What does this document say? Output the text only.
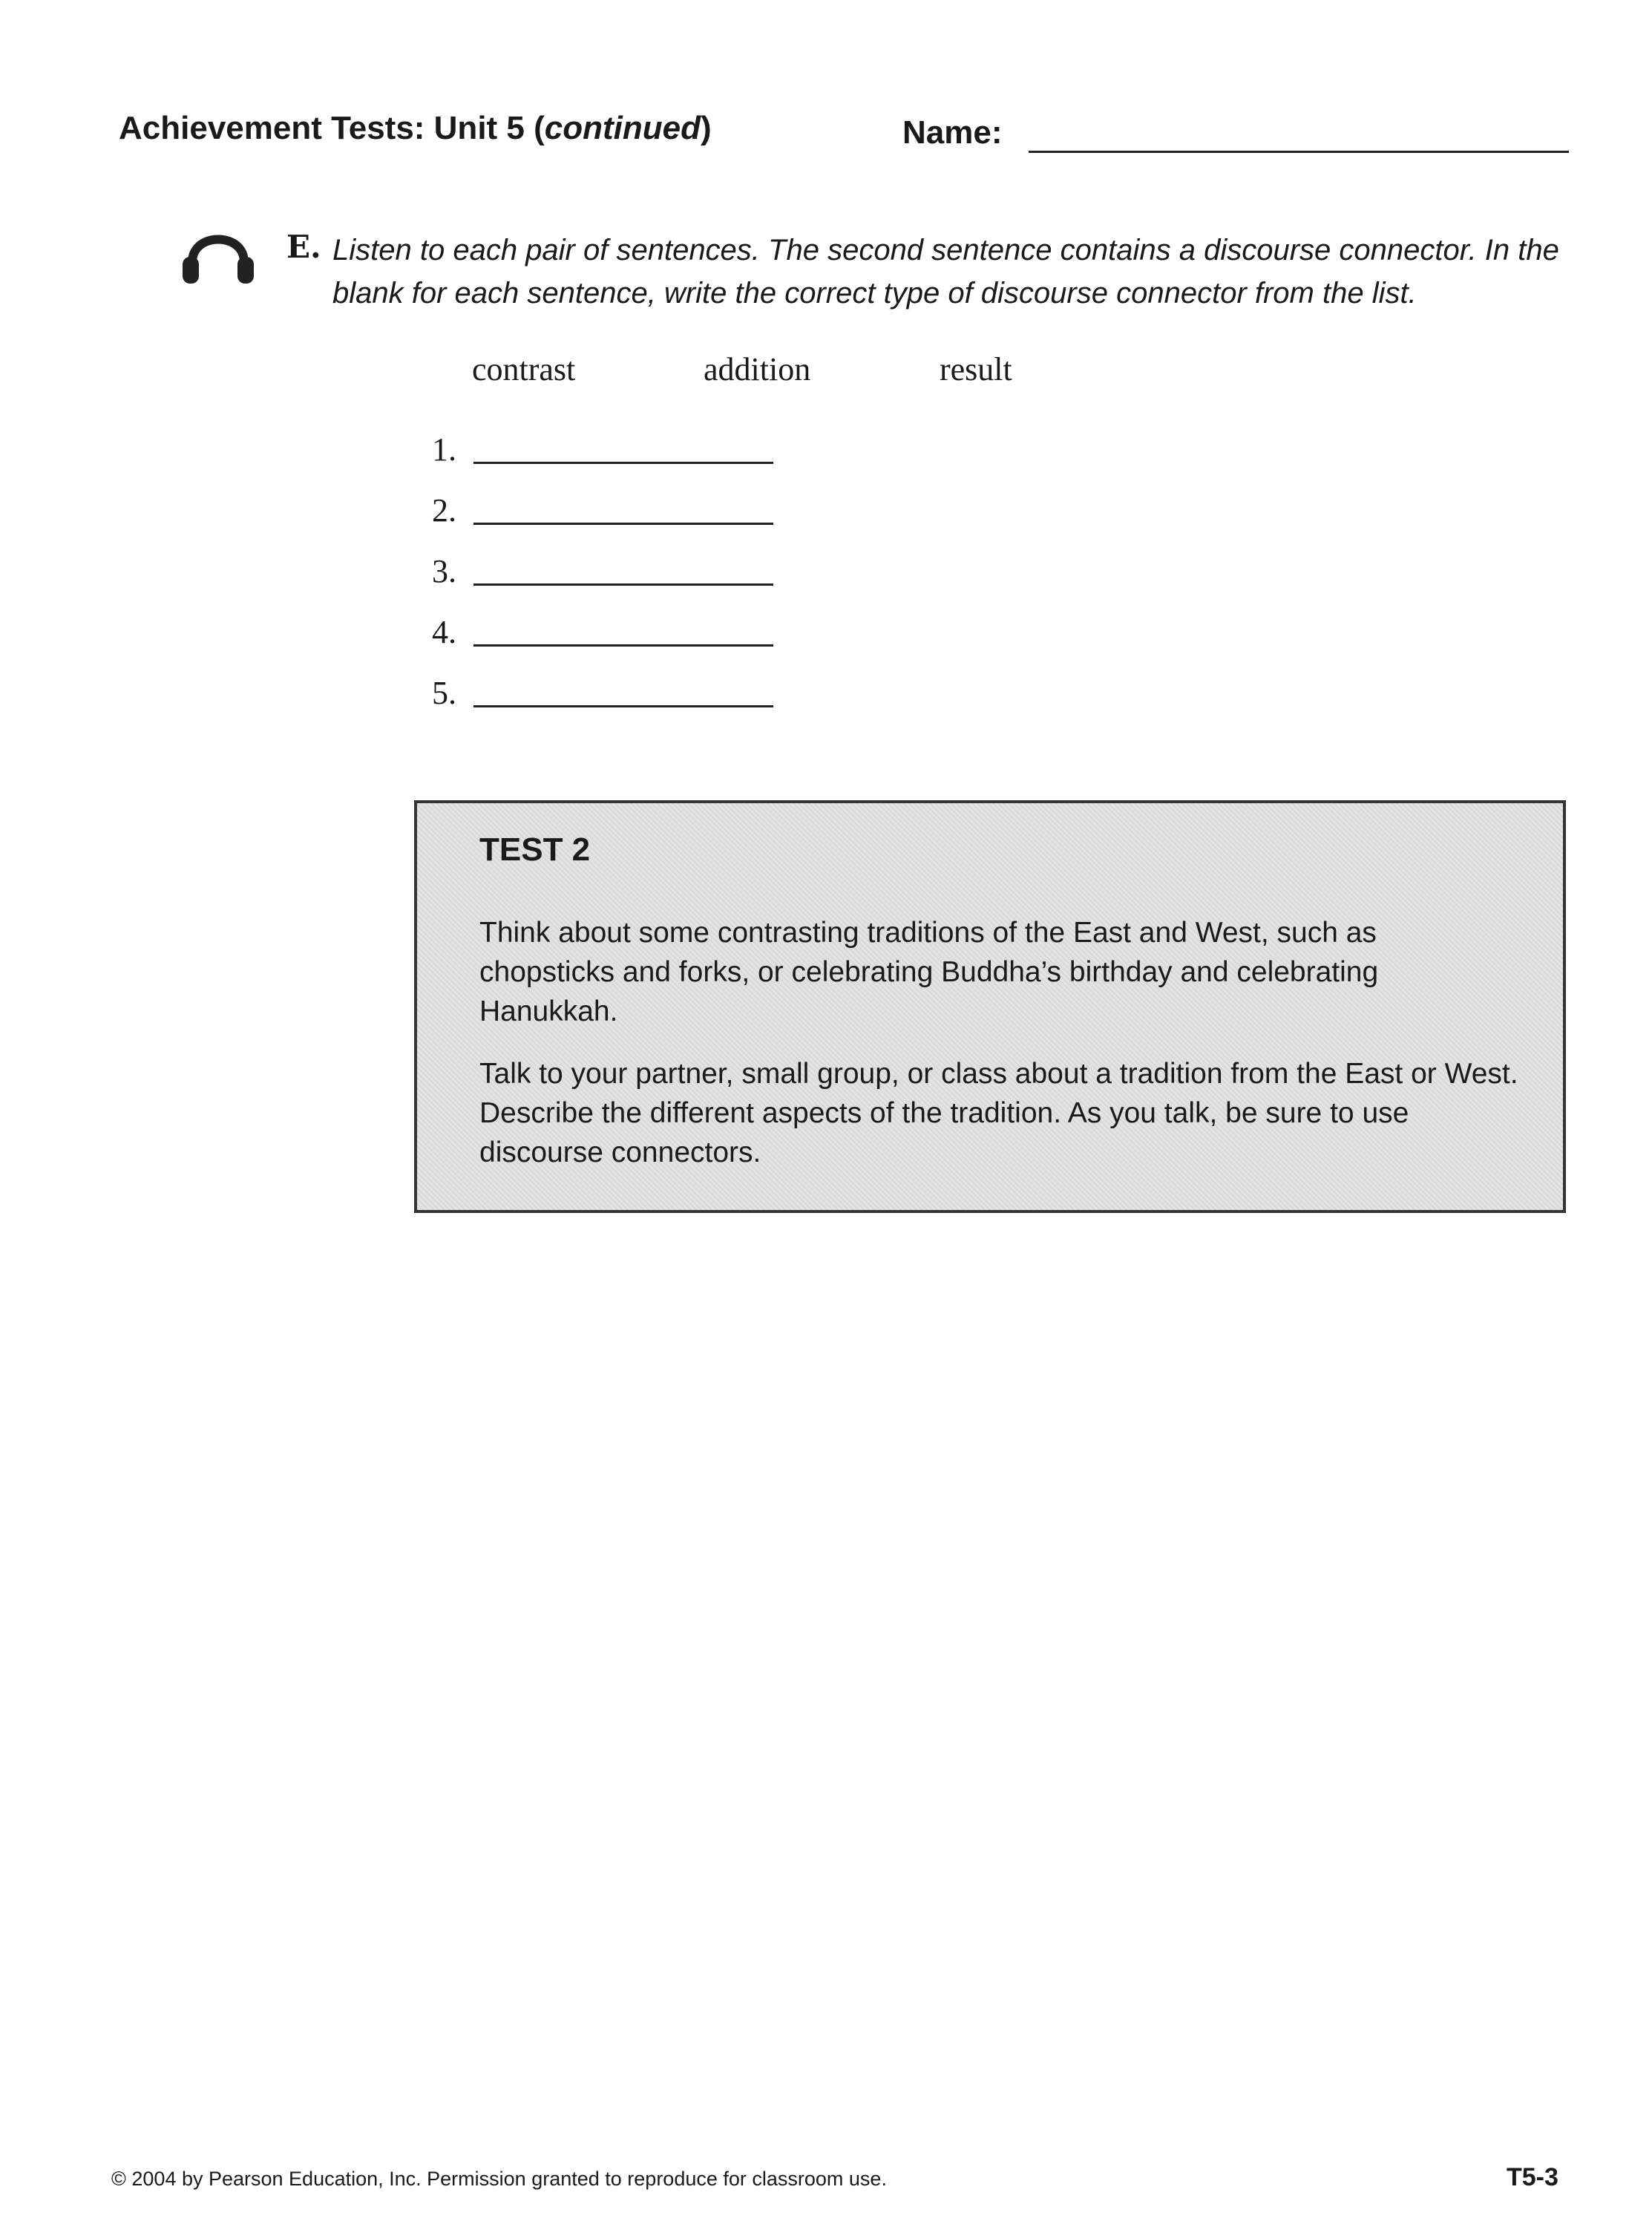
Achievement Tests: Unit 5 (continued)	Name:
E. Listen to each pair of sentences. The second sentence contains a discourse connector. In the blank for each sentence, write the correct type of discourse connector from the list.
contrast	addition	result
1.
2.
3.
4.
5.
TEST 2
Think about some contrasting traditions of the East and West, such as chopsticks and forks, or celebrating Buddha’s birthday and celebrating Hanukkah.
Talk to your partner, small group, or class about a tradition from the East or West. Describe the different aspects of the tradition. As you talk, be sure to use discourse connectors.
© 2004 by Pearson Education, Inc. Permission granted to reproduce for classroom use.	T5-3
